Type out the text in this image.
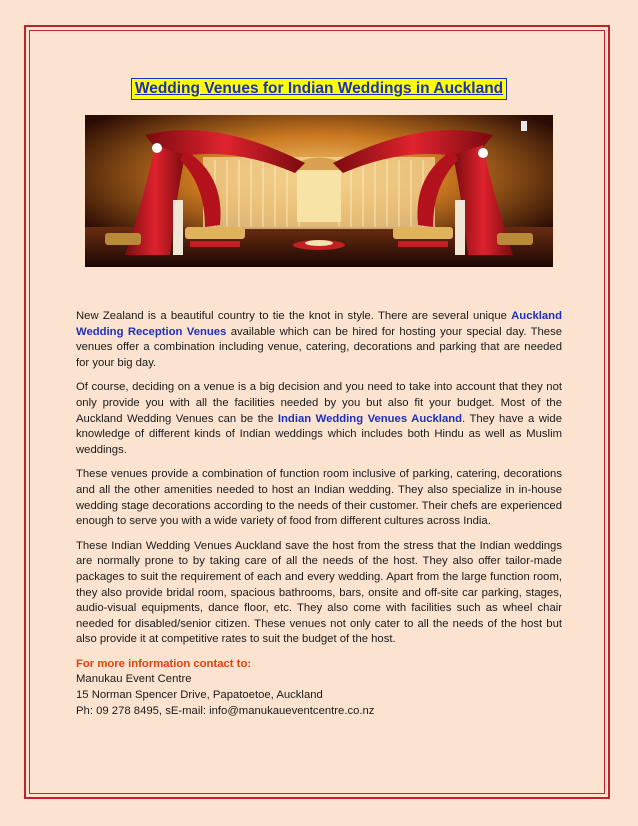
Wedding Venues for Indian Weddings in Auckland

New Zealand is a beautiful country to tie the knot in style. There are several unique Auckland Wedding Reception Venues available which can be hired for hosting your special day. These venues offer a combination including venue, catering, decorations and parking that are needed for your big day.

Of course, deciding on a venue is a big decision and you need to take into account that they not only provide you with all the facilities needed by you but also fit your budget. Most of the Auckland Wedding Venues can be the Indian Wedding Venues Auckland. They have a wide knowledge of different kinds of Indian weddings which includes both Hindu as well as Muslim weddings.

These venues provide a combination of function room inclusive of parking, catering, decorations and all the other amenities needed to host an Indian wedding. They also specialize in in-house wedding stage decorations according to the needs of their customer. Their chefs are experienced enough to serve you with a wide variety of food from different cultures across India.

These Indian Wedding Venues Auckland save the host from the stress that the Indian weddings are normally prone to by taking care of all the needs of the host. They also offer tailor-made packages to suit the requirement of each and every wedding. Apart from the large function room, they also provide bridal room, spacious bathrooms, bars, onsite and off-site car parking, stages, audio-visual equipments, dance floor, etc. They also come with facilities such as wheel chair needed for disabled/senior citizen. These venues not only cater to all the needs of the host but also provide it at competitive rates to suit the budget of the host.

For more information contact to:

Manukau Event Centre

15 Norman Spencer Drive, Papatoetoe, Auckland

Ph: 09 278 8495, sE-mail: info@manukaueventcentre.co.nz
